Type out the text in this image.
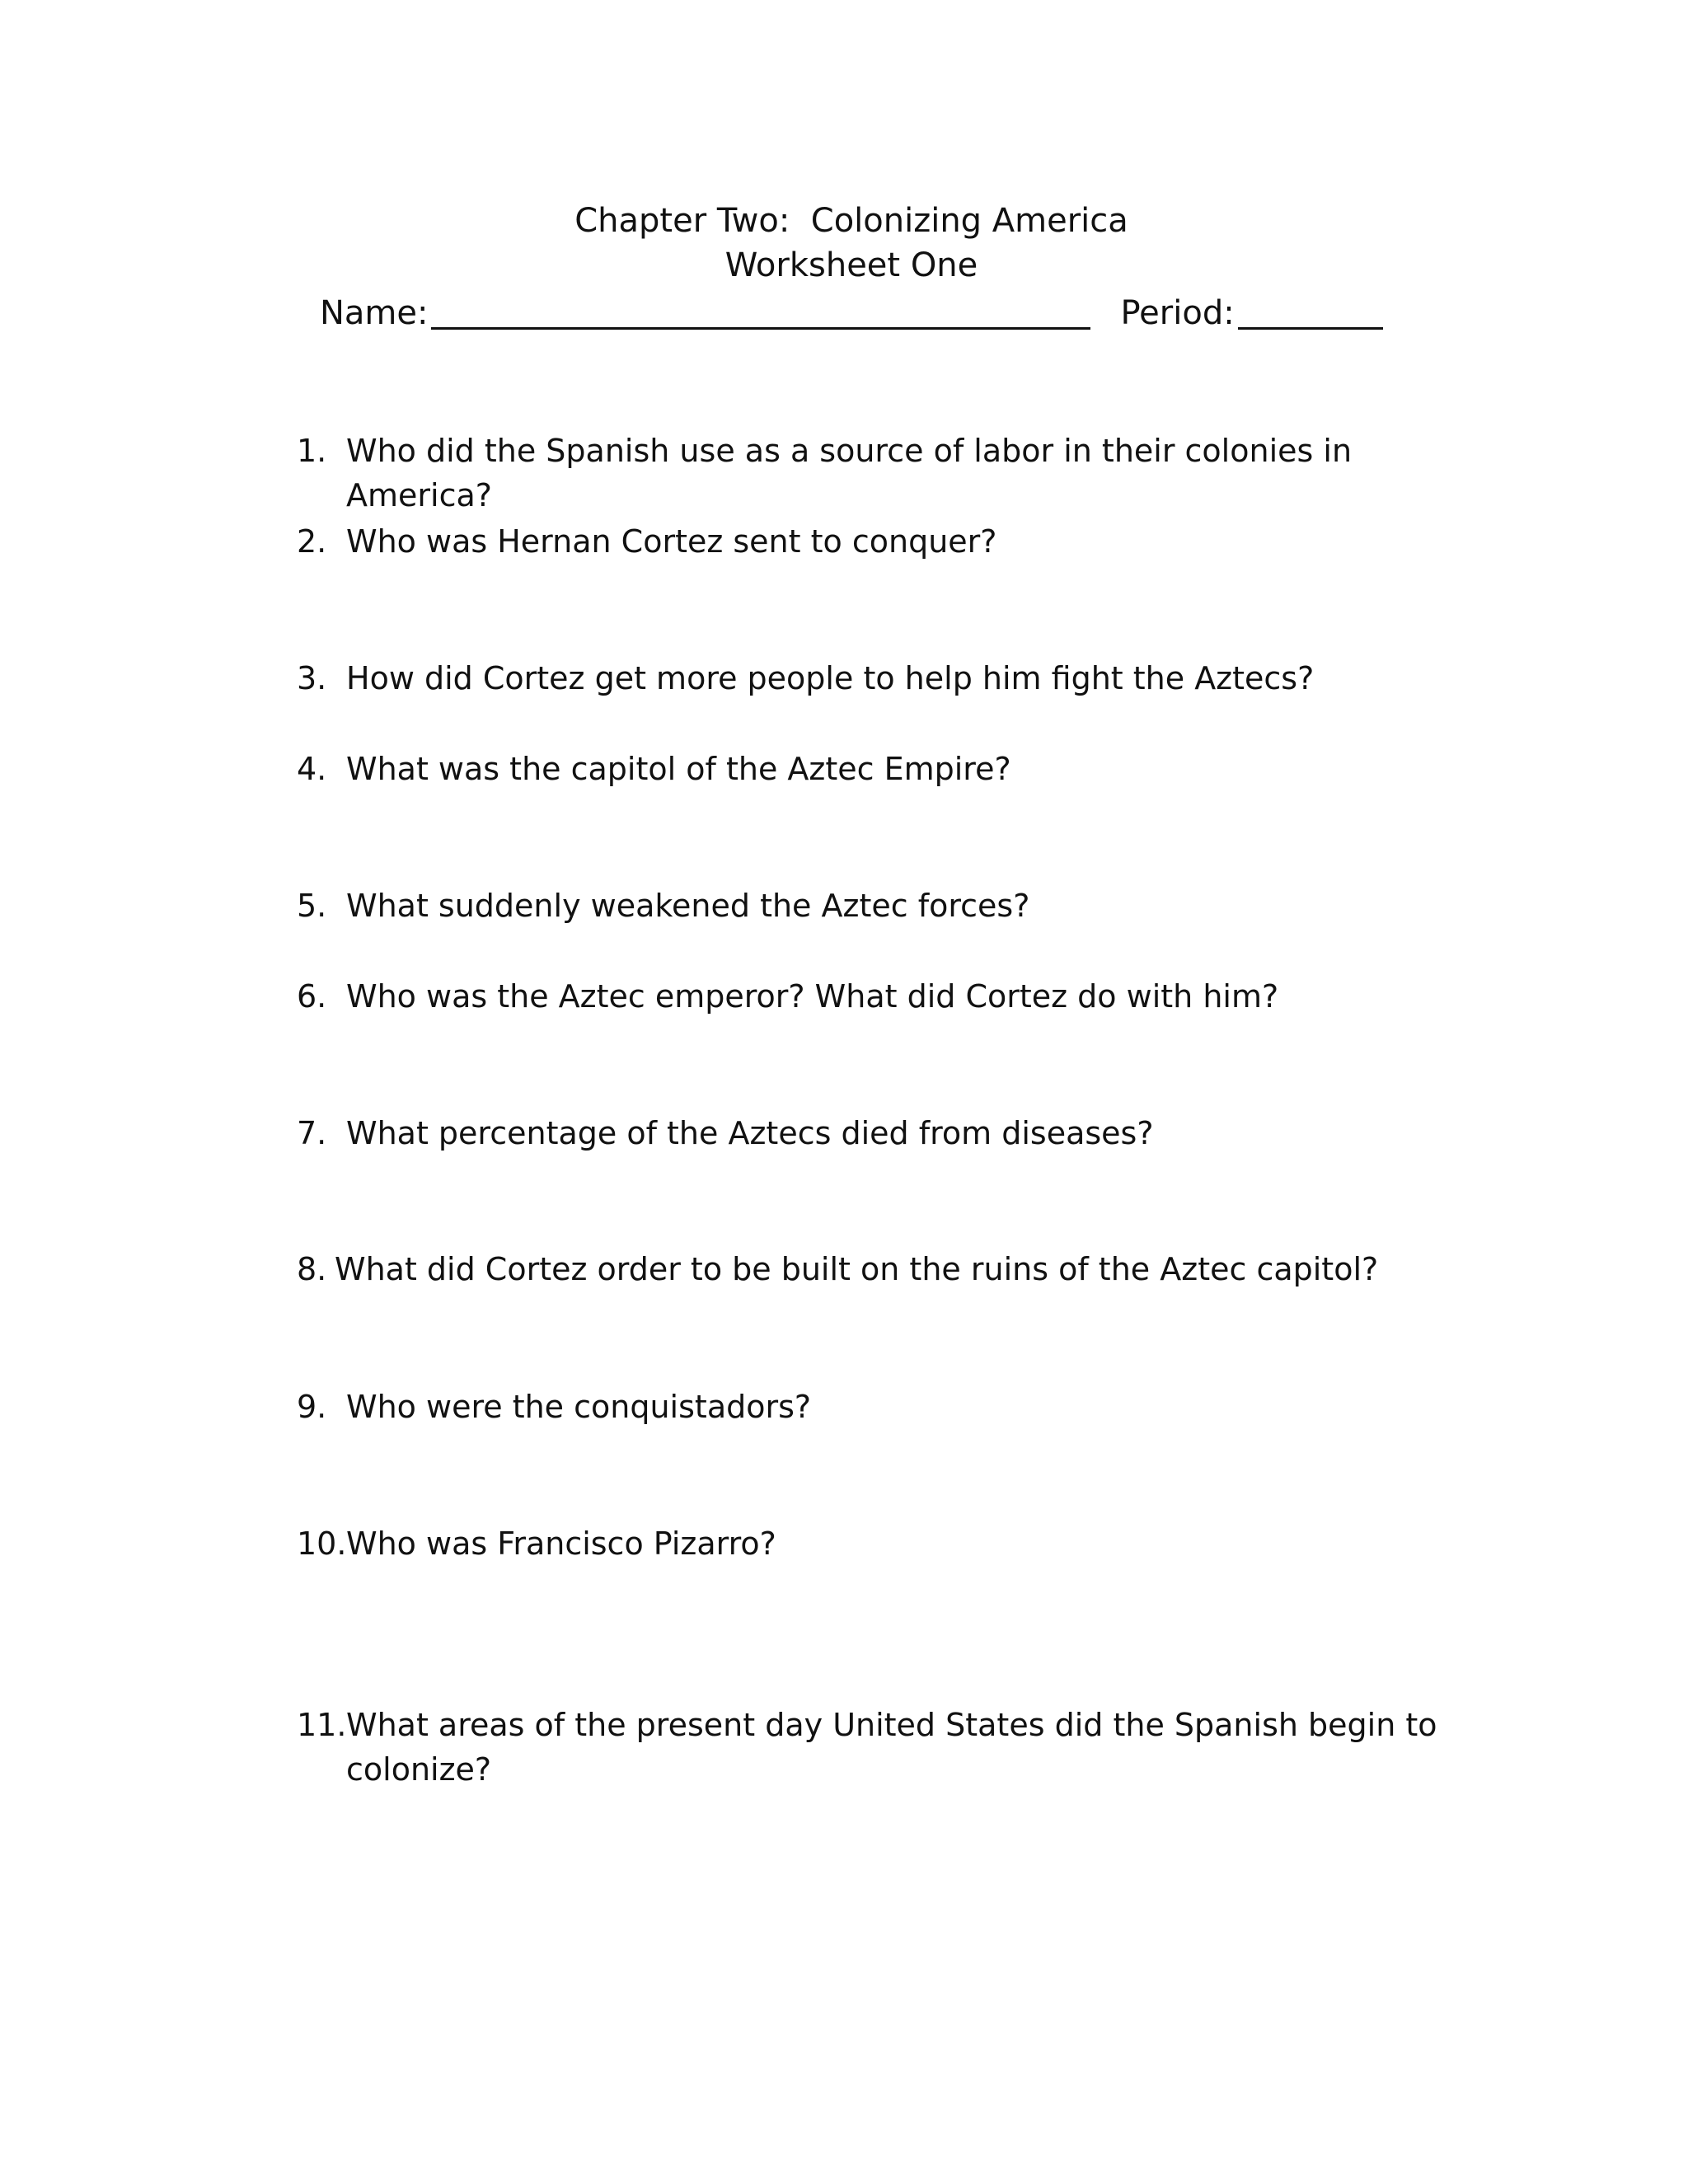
Chapter Two:  Colonizing America
Worksheet One
Name:	Period:
1. Who did the Spanish use as a source of labor in their colonies in America?
2. Who was Hernan Cortez sent to conquer?
3. How did Cortez get more people to help him fight the Aztecs?
4. What was the capitol of the Aztec Empire?
5. What suddenly weakened the Aztec forces?
6. Who was the Aztec emperor? What did Cortez do with him?
7. What percentage of the Aztecs died from diseases?
8. What did Cortez order to be built on the ruins of the Aztec capitol?
9. Who were the conquistadors?
10. Who was Francisco Pizarro?
11. What areas of the present day United States did the Spanish begin to colonize?
